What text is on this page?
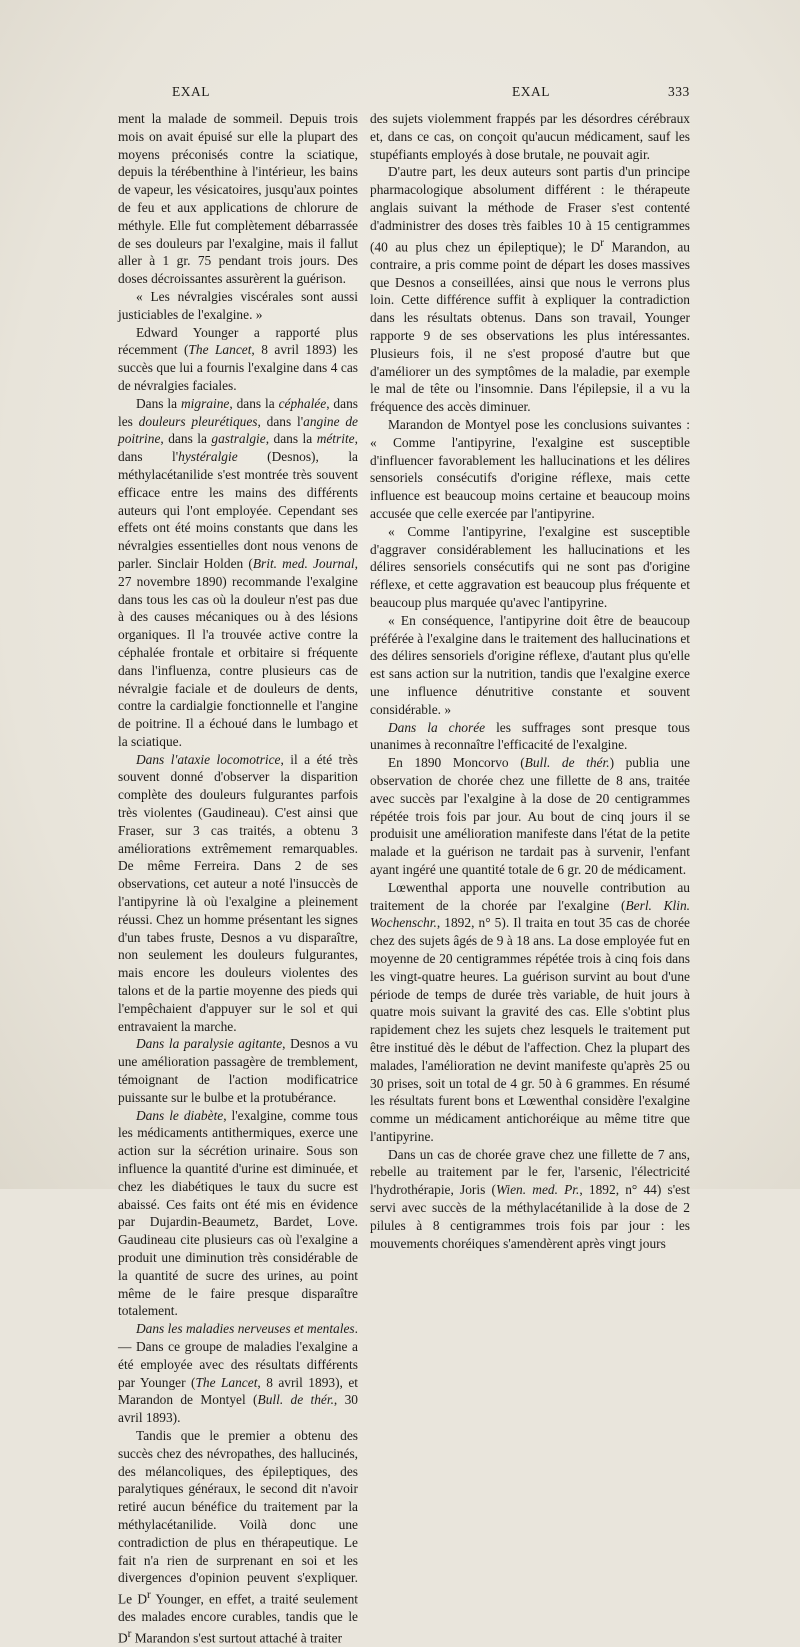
EXAL	EXAL	333

ment la malade de sommeil. Depuis trois mois on avait épuisé sur elle la plupart des moyens préconisés contre la sciatique, depuis la térébenthine à l'intérieur, les bains de vapeur, les vésicatoires, jusqu'aux pointes de feu et aux applications de chlorure de méthyle. Elle fut complètement débarrassée de ses douleurs par l'exalgine, mais il fallut aller à 1 gr. 75 pendant trois jours. Des doses décroissantes assurèrent la guérison.

« Les névralgies viscérales sont aussi justiciables de l'exalgine. »

Edward Younger a rapporté plus récemment (The Lancet, 8 avril 1893) les succès que lui a fournis l'exalgine dans 4 cas de névralgies faciales.

Dans la migraine, dans la céphalée, dans les douleurs pleurétiques, dans l'angine de poitrine, dans la gastralgie, dans la métrite, dans l'hystéralgie (Desnos), la méthylacétanilide s'est montrée très souvent efficace entre les mains des différents auteurs qui l'ont employée. Cependant ses effets ont été moins constants que dans les névralgies essentielles dont nous venons de parler. Sinclair Holden (Brit. med. Journal, 27 novembre 1890) recommande l'exalgine dans tous les cas où la douleur n'est pas due à des causes mécaniques ou à des lésions organiques. Il l'a trouvée active contre la céphalée frontale et orbitaire si fréquente dans l'influenza, contre plusieurs cas de névralgie faciale et de douleurs de dents, contre la cardialgie fonctionnelle et l'angine de poitrine. Il a échoué dans le lumbago et la sciatique.

Dans l'ataxie locomotrice, il a été très souvent donné d'observer la disparition complète des douleurs fulgurantes parfois très violentes (Gaudineau). C'est ainsi que Fraser, sur 3 cas traités, a obtenu 3 améliorations extrêmement remarquables. De même Ferreira. Dans 2 de ses observations, cet auteur a noté l'insuccès de l'antipyrine là où l'exalgine a pleinement réussi. Chez un homme présentant les signes d'un tabes fruste, Desnos a vu disparaître, non seulement les douleurs fulgurantes, mais encore les douleurs violentes des talons et de la partie moyenne des pieds qui l'empêchaient d'appuyer sur le sol et qui entravaient la marche.

Dans la paralysie agitante, Desnos a vu une amélioration passagère de tremblement, témoignant de l'action modificatrice puissante sur le bulbe et la protubérance.

Dans le diabète, l'exalgine, comme tous les médicaments antithermiques, exerce une action sur la sécrétion urinaire. Sous son influence la quantité d'urine est diminuée, et chez les diabétiques le taux du sucre est abaissé. Ces faits ont été mis en évidence par Dujardin-Beaumetz, Bardet, Love. Gaudineau cite plusieurs cas où l'exalgine a produit une diminution très considérable de la quantité de sucre des urines, au point même de le faire presque disparaître totalement.

Dans les maladies nerveuses et mentales. — Dans ce groupe de maladies l'exalgine a été employée avec des résultats différents par Younger (The Lancet, 8 avril 1893), et Marandon de Montyel (Bull. de thér., 30 avril 1893).

Tandis que le premier a obtenu des succès chez des névropathes, des hallucinés, des mélancoliques, des épileptiques, des paralytiques généraux, le second dit n'avoir retiré aucun bénéfice du traitement par la méthylacétanilide. Voilà donc une contradiction de plus en thérapeutique. Le fait n'a rien de surprenant en soi et les divergences d'opinion peuvent s'expliquer. Le $D^r$ Younger, en effet, a traité seulement des malades encore curables, tandis que le $D^r$ Marandon s'est surtout attaché à traiter

des sujets violemment frappés par les désordres cérébraux et, dans ce cas, on conçoit qu'aucun médicament, sauf les stupéfiants employés à dose brutale, ne pouvait agir.

D'autre part, les deux auteurs sont partis d'un principe pharmacologique absolument différent : le thérapeute anglais suivant la méthode de Fraser s'est contenté d'administrer des doses très faibles 10 à 15 centigrammes (40 au plus chez un épileptique); le $D^r$ Marandon, au contraire, a pris comme point de départ les doses massives que Desnos a conseillées, ainsi que nous le verrons plus loin. Cette différence suffit à expliquer la contradiction dans les résultats obtenus. Dans son travail, Younger rapporte 9 de ses observations les plus intéressantes. Plusieurs fois, il ne s'est proposé d'autre but que d'améliorer un des symptômes de la maladie, par exemple le mal de tête ou l'insomnie. Dans l'épilepsie, il a vu la fréquence des accès diminuer.

Marandon de Montyel pose les conclusions suivantes : « Comme l'antipyrine, l'exalgine est susceptible d'influencer favorablement les hallucinations et les délires sensoriels consécutifs d'origine réflexe, mais cette influence est beaucoup moins certaine et beaucoup moins accusée que celle exercée par l'antipyrine.

« Comme l'antipyrine, l'exalgine est susceptible d'aggraver considérablement les hallucinations et les délires sensoriels consécutifs qui ne sont pas d'origine réflexe, et cette aggravation est beaucoup plus fréquente et beaucoup plus marquée qu'avec l'antipyrine.

« En conséquence, l'antipyrine doit être de beaucoup préférée à l'exalgine dans le traitement des hallucinations et des délires sensoriels d'origine réflexe, d'autant plus qu'elle est sans action sur la nutrition, tandis que l'exalgine exerce une influence dénutritive constante et souvent considérable. »

Dans la chorée les suffrages sont presque tous unanimes à reconnaître l'efficacité de l'exalgine.

En 1890 Moncorvo (Bull. de thér.) publia une observation de chorée chez une fillette de 8 ans, traitée avec succès par l'exalgine à la dose de 20 centigrammes répétée trois fois par jour. Au bout de cinq jours il se produisit une amélioration manifeste dans l'état de la petite malade et la guérison ne tardait pas à survenir, l'enfant ayant ingéré une quantité totale de 6 gr. 20 de médicament.

Lœwenthal apporta une nouvelle contribution au traitement de la chorée par l'exalgine (Berl. Klin. Wochenschr., 1892, n° 5). Il traita en tout 35 cas de chorée chez des sujets âgés de 9 à 18 ans. La dose employée fut en moyenne de 20 centigrammes répétée trois à cinq fois dans les vingt-quatre heures. La guérison survint au bout d'une période de temps de durée très variable, de huit jours à quatre mois suivant la gravité des cas. Elle s'obtint plus rapidement chez les sujets chez lesquels le traitement put être institué dès le début de l'affection. Chez la plupart des malades, l'amélioration ne devint manifeste qu'après 25 ou 30 prises, soit un total de 4 gr. 50 à 6 grammes. En résumé les résultats furent bons et Lœwenthal considère l'exalgine comme un médicament antichoréique au même titre que l'antipyrine.

Dans un cas de chorée grave chez une fillette de 7 ans, rebelle au traitement par le fer, l'arsenic, l'électricité l'hydrothérapie, Joris (Wien. med. Pr., 1892, n° 44) s'est servi avec succès de la méthylacétanilide à la dose de 2 pilules à 8 centigrammes trois fois par jour : les mouvements choréiques s'amendèrent après vingt jours
